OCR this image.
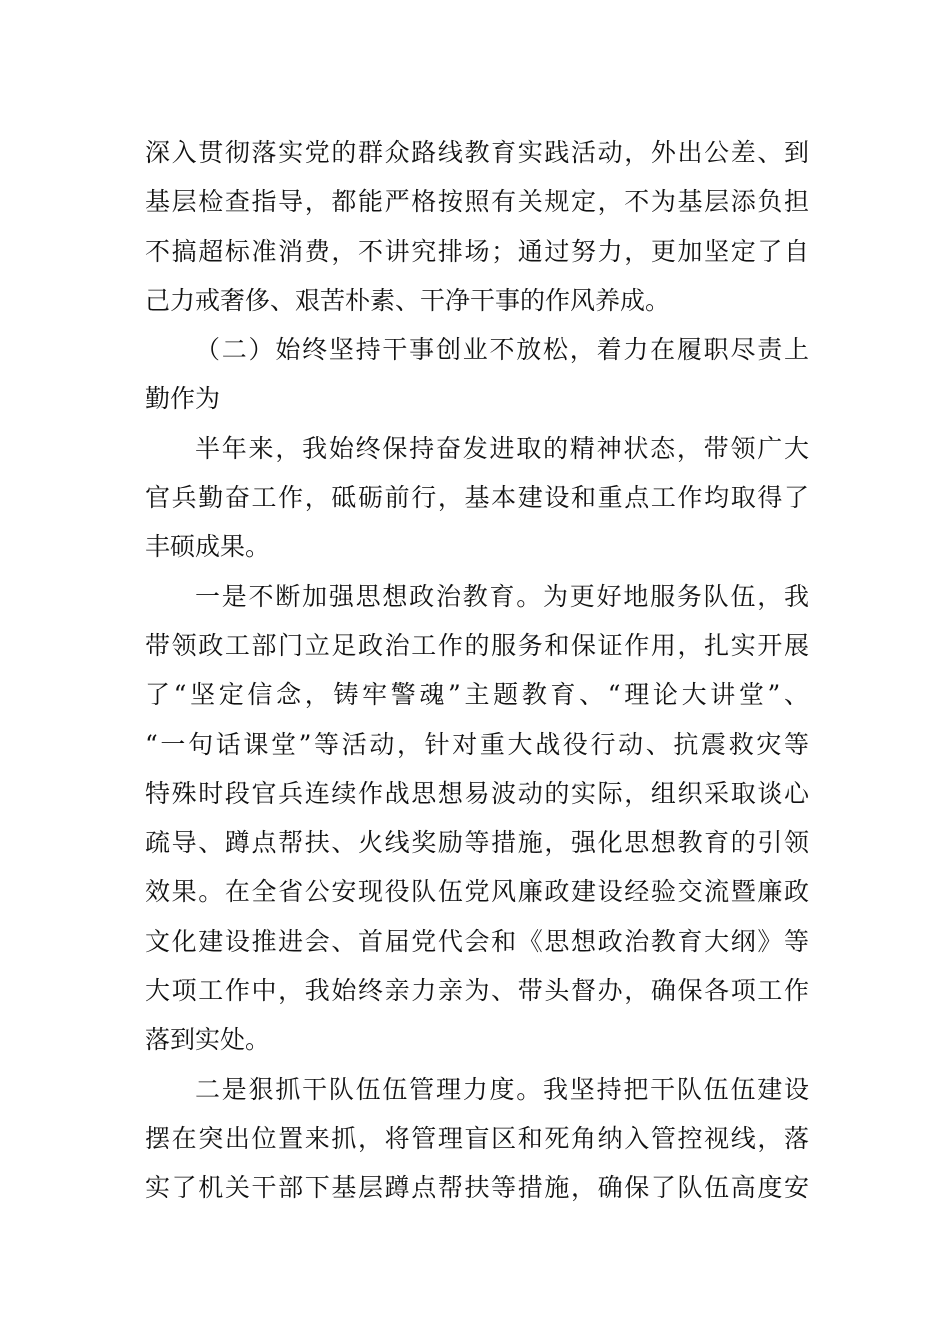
深入贯彻落实党的群众路线教育实践活动，外出公差、到
基层检查指导，都能严格按照有关规定，不为基层添负担
不搞超标准消费，不讲究排场；通过努力，更加坚定了自
己力戒奢侈、艰苦朴素、干净干事的作风养成。
（二）始终坚持干事创业不放松，着力在履职尽责上
勤作为
半年来，我始终保持奋发进取的精神状态，带领广大
官兵勤奋工作，砥砺前行，基本建设和重点工作均取得了
丰硕成果。
一是不断加强思想政治教育。为更好地服务队伍，我
带领政工部门立足政治工作的服务和保证作用，扎实开展
了“坚定信念，铸牢警魂”主题教育、“理论大讲堂”、
“一句话课堂”等活动，针对重大战役行动、抗震救灾等
特殊时段官兵连续作战思想易波动的实际，组织采取谈心
疏导、蹲点帮扶、火线奖励等措施，强化思想教育的引领
效果。在全省公安现役队伍党风廉政建设经验交流暨廉政
文化建设推进会、首届党代会和《思想政治教育大纲》等
大项工作中，我始终亲力亲为、带头督办，确保各项工作
落到实处。
二是狠抓干队伍伍管理力度。我坚持把干队伍伍建设
摆在突出位置来抓，将管理盲区和死角纳入管控视线，落
实了机关干部下基层蹲点帮扶等措施，确保了队伍高度安
